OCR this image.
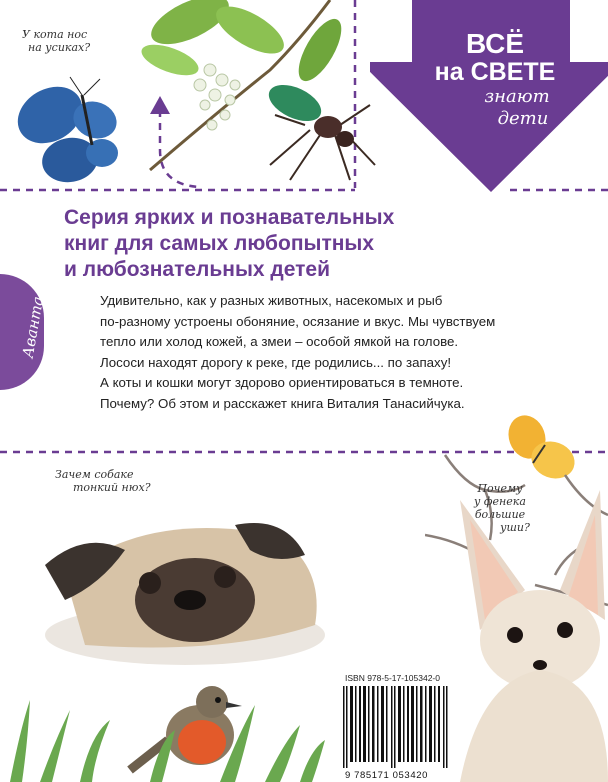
ВСЁ
на СВЕТЕ
знают
дети
У кота нос
на усиках?
Серия ярких и познавательных
книг для самых любопытных
и любознательных детей
Аванта	Удивительно, как у разных животных, насекомых и рыб
по-разному устроены обоняние, осязание и вкус. Мы чувствуем
тепло или холод кожей, а змеи – особой ямкой на голове.
Лососи находят дорогу к реке, где родились... по запаху!
А коты и кошки могут здорово ориентироваться в темноте.
Почему? Об этом и расскажет книга Виталия Танасийчука.
Почему
у фенека
большие
уши?
Зачем собаке
тонкий нюх?
ISBN 978-5-17-105342-0
9 785171 053420
